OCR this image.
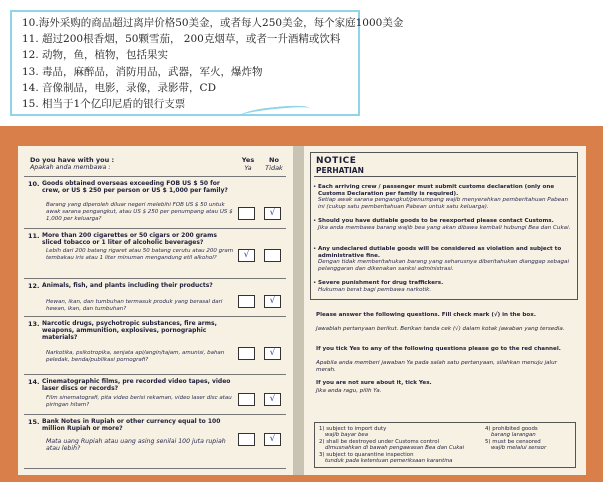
10.海外采购的商品超过离岸价格50美金，或者每人250美金，每个家庭1000美金
11. 超过200根香烟，50颗雪茄， 200克烟草，或者一升酒精或饮料
12. 动物，鱼，植物，包括果实
13. 毒品，麻醉品，消防用品，武器，军火，爆炸物
14. 音像制品，电影，录像，录影带，CD
15. 相当于1个亿印尼盾的银行支票
Do you have with you :
Apakah anda membawa :
Yes
Ya
No
Tidak
10. Goods obtained overseas exceeding FOB US $ 50 for crew, or US $ 250 per person or US $ 1,000 per family?
Barang yang diperoleh diluar negeri melebihi FOB US $ 50 untuk awak sarana pengangkut, atau US $ 250 per penumpang atau US $ 1,000 per keluarga?
√
11. More than 200 cigarettes or 50 cigars or 200 grams sliced tobacco or 1 liter of alcoholic beverages?
Lebih dari 200 batang rigaret atau 50 batang cerutu atau 200 gram tembakau iris atau 1 liter minuman mengandung etil alkohol?	√
12. Animals, fish, and plants including their products?
Hewan, ikan, dan tumbuhan termasuk produk yang berasal dari hewan, ikan, dan tumbuhan?
√
13. Narcotic drugs, psychotropic substances, fire arms, weapons, ammunition, explosives, pornographic materials?
Narkotika, psikotropika, senjata api/angin/tajam, amunisi, bahan peledak, benda/publikasi pornografi?
√
14. Cinematographic films, pre recorded video tapes, video laser discs or records?
Film sinematografi, pita video berisi rekaman, video laser disc atau piringan hitam?
√
15. Bank Notes in Rupiah or other currency equal to 100 million Rupiah or more?
Mata uang Rupiah atau uang asing senilai 100 juta rupiah atau lebih?
√
NOTICE
PERHATIAN
• Each arriving crew / passenger must submit customs declaration (only one Customs Declaration per family is required).
Setiap awak sarana pengangkut/penumpang wajib menyerahkan pemberitahuan Pabean ini (cukup satu pemberitahuan Pabean untuk satu keluarga).
• Should you have dutiable goods to be reexported please contact Customs.
Jika anda membawa barang wajib bea yang akan dibawa kembali hubungi Bea dan Cukai.
• Any undeclared dutiable goods will be considered as violation and subject to administrative fine.
Dengan tidak memberitahukan barang yang seharusnya diberitahukan dianggap sebagai pelanggaran dan dikenakan sanksi administrasi.
• Severe punishment for drug traffickers.
Hukuman berat bagi pembawa narkotik.
Please answer the following questions. Fill check mark (√) in the box.
Jawablah pertanyaan berikut. Berikan tanda cek (√) dalam kotak jawaban yang tersedia.
If you tick Yes to any of the following questions please go to the red channel.
Apabila anda memberi jawaban Ya pada salah satu pertanyaan, silahkan menuju jalur merah.
If you are not sure about it, tick Yes.
Jika anda ragu, pilih Ya.
1) subject to import duty
wajib bayar bea
2) shall be destroyed under Customs control
dimusnahkan di bawah pengawasan Bea dan Cukai
3) subject to quarantine inspection
tunduk pada ketentuan pemeriksaan karantina
4) prohibited goods
barang larangan
5) must be censored
wajib melalui sensor
